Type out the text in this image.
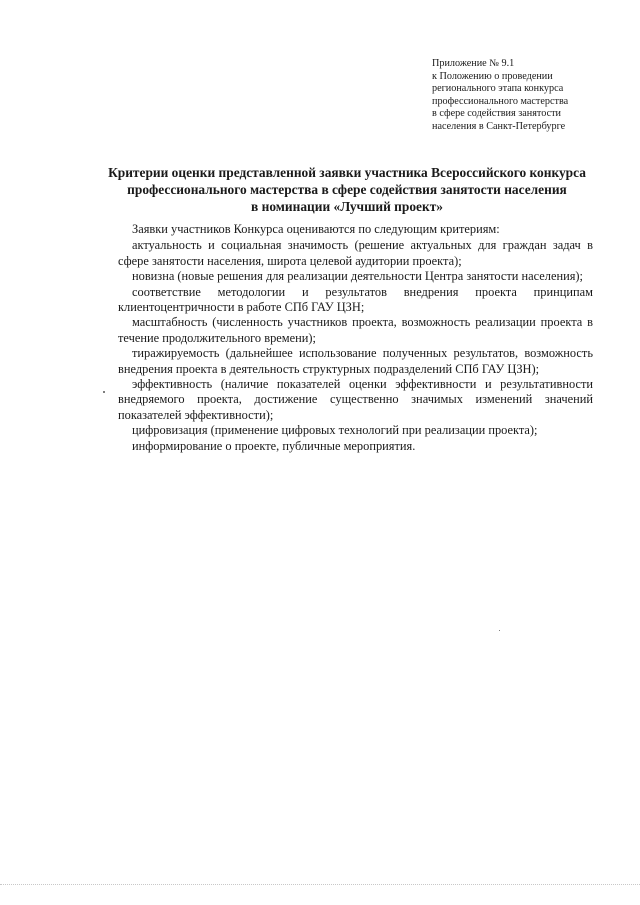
Приложение № 9.1
к Положению о проведении
регионального этапа конкурса
профессионального мастерства
в сфере содействия занятости
населения в Санкт-Петербурге
Критерии оценки представленной заявки участника Всероссийского конкурса
профессионального мастерства в сфере содействия занятости населения
в номинации «Лучший проект»

Заявки участников Конкурса оцениваются по следующим критериям:

актуальность и социальная значимость (решение актуальных для граждан задач в сфере занятости населения, широта целевой аудитории проекта);

новизна (новые решения для реализации деятельности Центра занятости населения);

соответствие методологии и результатов внедрения проекта принципам клиентоцентричности в работе СПб ГАУ ЦЗН;

масштабность (численность участников проекта, возможность реализации проекта в течение продолжительного времени);

тиражируемость (дальнейшее использование полученных результатов, возможность внедрения проекта в деятельность структурных подразделений СПб ГАУ ЦЗН);

эффективность (наличие показателей оценки эффективности и результативности внедряемого проекта, достижение существенно значимых изменений значений показателей эффективности);

цифровизация (применение цифровых технологий при реализации проекта);

информирование о проекте, публичные мероприятия.
